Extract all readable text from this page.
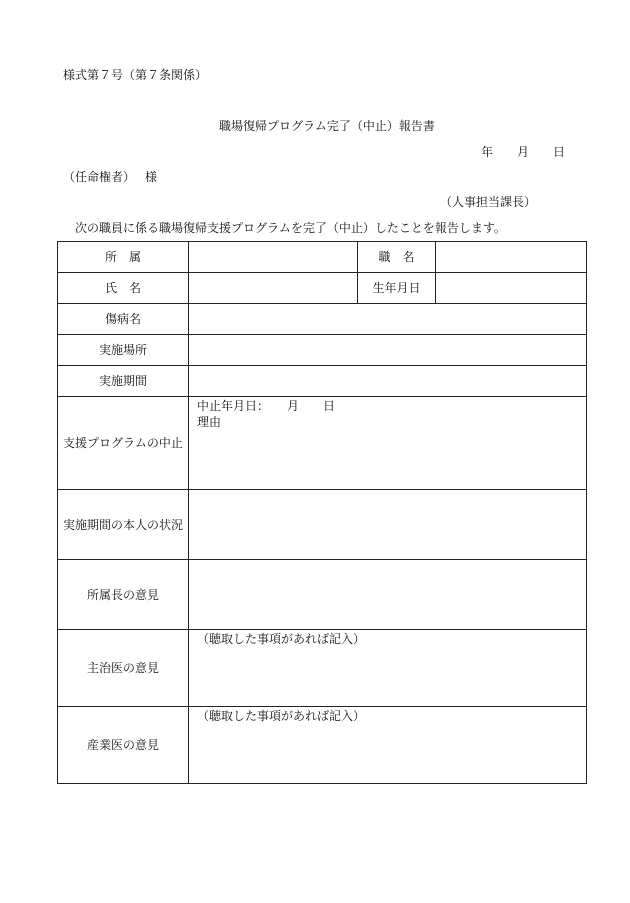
様式第７号（第７条関係）
職場復帰プログラム完了（中止）報告書
年　　月　　日
（任命権者） 様
（人事担当課長）
次の職員に係る職場復帰支援プログラムを完了（中止）したことを報告します。
所　属		職　名	
氏　名		生年月日	
傷病名			
実施場所			
実施期間			
支援プログラムの中止	中止年月日：　　月　　日
理由		

実施期間の本人の状況			
所属長の意見			
主治医の意見	（聴取した事項があれば記入）		

産業医の意見	（聴取した事項があれば記入）		
